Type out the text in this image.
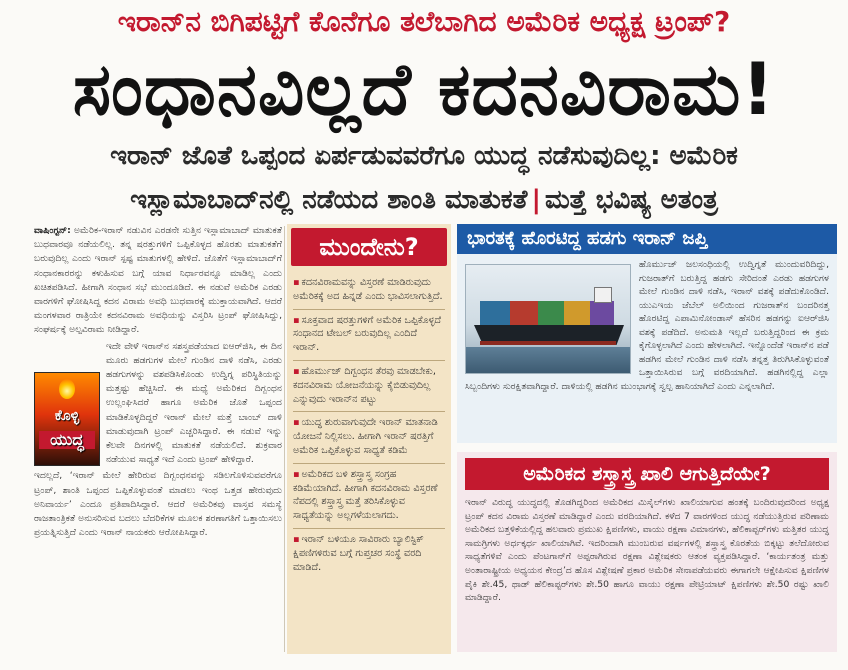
ಇರಾನ್‌ನ ಬಿಗಿಪಟ್ಟಿಗೆ ಕೊನೆಗೂ ತಲೆಬಾಗಿದ ಅಮೆರಿಕ ಅಧ್ಯಕ್ಷ ಟ್ರಂಪ್?
ಸಂಧಾನವಿಲ್ಲದೆ ಕದನವಿರಾಮ!
ಇರಾನ್ ಜೊತೆ ಒಪ್ಪಂದ ಏರ್ಪಡುವವರೆಗೂ ಯುದ್ಧ ನಡೆಸುವುದಿಲ್ಲ: ಅಮೆರಿಕ
ಇಸ್ಲಾಮಾಬಾದ್‌ನಲ್ಲಿ ನಡೆಯದ ಶಾಂತಿ ಮಾತುಕತೆ | ಮತ್ತೆ ಭವಿಷ್ಯ ಅತಂತ್ರ

ವಾಷಿಂಗ್ಟನ್: ಅಮೆರಿಕ-ಇರಾನ್ ನಡುವಿನ ಎರಡನೇ ಸುತ್ತಿನ ಇಸ್ಲಾಮಾಬಾದ್ ಮಾತುಕತೆ ಬುಧವಾರವೂ ನಡೆಯಲಿಲ್ಲ. ತನ್ನ ಷರತ್ತುಗಳಿಗೆ ಒಪ್ಪಿಕೊಳ್ಳದ ಹೊರತು ಮಾತುಕತೆಗೆ ಬರುವುದಿಲ್ಲ ಎಂದು ಇರಾನ್ ಸ್ಪಷ್ಟ ಮಾತುಗಳಲ್ಲಿ ಹೇಳಿದೆ. ಜೊತೆಗೆ ಇಸ್ಲಾಮಾಬಾದ್‌ಗೆ ಸಂಧಾನಕಾರರನ್ನು ಕಳುಹಿಸುವ ಬಗ್ಗೆ ಯಾವ ನಿರ್ಧಾರವನ್ನೂ ಮಾಡಿಲ್ಲ ಎಂದು ಖಚಿತಪಡಿಸಿದೆ. ಹೀಗಾಗಿ ಸಂಧಾನ ಸಭೆ ಮುಂದೂಡಿದೆ. ಈ ನಡುವೆ ಅಮೆರಿಕ ಎರಡು ವಾರಗಳಿಗೆ ಘೋಷಿಸಿದ್ದ ಕದನ ವಿರಾಮ ಅವಧಿ ಬುಧವಾರಕ್ಕೆ ಮುಕ್ತಾಯವಾಗಿದೆ. ಆದರೆ ಮಂಗಳವಾರ ರಾತ್ರಿಯೇ ಕದನವಿರಾಮ ಅವಧಿಯನ್ನು ವಿಸ್ತರಿಸಿ ಟ್ರಂಪ್ ಘೋಷಿಸಿದ್ದು, ಸಂಘರ್ಷಕ್ಕೆ ಅಲ್ಪವಿರಾಮ ನೀಡಿದ್ದಾರೆ.

ಕೊಳ್ಳಿ
ಯುದ್ಧ

ಇದೇ ವೇಳೆ ಇರಾನ್‌ನ ಸಶಸ್ತ್ರಪಡೆಯಾದ ಐಆರ್‌ಜಿಸಿ, ಈ ದಿನ ಮೂರು ಹಡಗುಗಳ ಮೇಲೆ ಗುಂಡಿನ ದಾಳಿ ನಡೆಸಿ, ಎರಡು ಹಡಗುಗಳನ್ನು ವಶಪಡಿಸಿಕೊಂಡು ಉದ್ವಿಗ್ನ ಪರಿಸ್ಥಿತಿಯನ್ನು ಮತ್ತಷ್ಟು ಹೆಚ್ಚಿಸಿದೆ. ಈ ಮಧ್ಯೆ ಅಮೆರಿಕದ ದಿಗ್ಬಂಧನ ಉಲ್ಲಂಘಿಸಿದರೆ ಹಾಗೂ ಅಮೆರಿಕ ಜೊತೆ ಒಪ್ಪಂದ ಮಾಡಿಕೊಳ್ಳದಿದ್ದರೆ ಇರಾನ್ ಮೇಲೆ ಮತ್ತೆ ಬಾಂಬ್ ದಾಳಿ ಮಾಡುವುದಾಗಿ ಟ್ರಂಪ್ ಎಚ್ಚರಿಸಿದ್ದಾರೆ. ಈ ನಡುವೆ ಇನ್ನು ಕೆಲವೇ ದಿನಗಳಲ್ಲಿ ಮಾತುಕತೆ ನಡೆಯಲಿದೆ. ಶುಕ್ರವಾರ ನಡೆಯುವ ಸಾಧ್ಯತೆ ಇದೆ ಎಂದು ಟ್ರಂಪ್ ಹೇಳಿದ್ದಾರೆ.

ಇದಲ್ಲದೆ, ‘ಇರಾನ್ ಮೇಲೆ ಹೇರಿರುವ ದಿಗ್ಬಂಧನವನ್ನು ಸಡಿಲಗೊಳಿಸುವವರೆಗೂ ಟ್ರಂಪ್, ಶಾಂತಿ ಒಪ್ಪಂದ ಒಪ್ಪಿಕೊಳ್ಳುವಂತೆ ಮಾಡಲು ಇಂಥ ಒತ್ತಡ ಹೇರುವುದು ಅನಿವಾರ್ಯ’ ಎಂದೂ ಪ್ರತಿಪಾದಿಸಿದ್ದಾರೆ. ಆದರೆ ಅಮೆರಿಕವು ವಾಸ್ತವ ಸಮಸ್ಯೆ ರಾಜತಾಂತ್ರಿಕತೆ ಅನುಸರಿಸುವ ಬದಲು ಬೆದರಿಕೆಗಳ ಮೂಲಕ ಶರಣಾಗತಿಗೆ ಒತ್ತಾಯಿಸಲು ಪ್ರಯತ್ನಿಸುತ್ತಿದೆ ಎಂದು ಇರಾನ್ ನಾಯಕರು ಆರೋಪಿಸಿದ್ದಾರೆ.

ಮುಂದೇನು?
▪ ಕದನವಿರಾಮವನ್ನು ವಿಸ್ತರಣೆ ಮಾಡಿರುವುದು ಅಮೆರಿಕಕ್ಕೆ ಅದ ಹಿನ್ನಡೆ ಎಂದು ಭಾವಿಸಲಾಗುತ್ತಿದೆ.
▪ ಸೂಕ್ತವಾದ ಷರತ್ತುಗಳಿಗೆ ಅಮೆರಿಕ ಒಪ್ಪಿಕೊಳ್ಳದೆ ಸಂಧಾನದ ಟೇಬಲ್ ಬರುವುದಿಲ್ಲ ಎಂದಿದೆ ಇರಾನ್.
▪ ಹೊರ್ಮುಜ್ ದಿಗ್ಬಂಧನ ತೆರವು ಮಾಡಬೇಕು, ಕದನವಿರಾಮ ಯೋಜನೆಯನ್ನು ಕೈಬಿಡುವುದಿಲ್ಲ ಎನ್ನುವುದು ಇರಾನ್‌ನ ಪಟ್ಟು
▪ ಯುದ್ಧ ಶುರುವಾಗುವುದೇ ಇರಾನ್ ಮಾತನಾಡಿ ಯೋಜನೆ ನಿಲ್ಲಿಸಲು. ಹೀಗಾಗಿ ಇರಾನ್ ಷರತ್ತಿಗೆ ಅಮೆರಿಕ ಒಪ್ಪಿಕೊಳ್ಳುವ ಸಾಧ್ಯತೆ ಕಡಿಮೆ
▪ ಅಮೆರಿಕದ ಬಳಿ ಶಸ್ತ್ರಾಸ್ತ್ರ ಸಂಗ್ರಹ ಕಡಿಮೆಯಾಗಿದೆ. ಹೀಗಾಗಿ ಕದನವಿರಾಮ ವಿಸ್ತರಣೆ ನೆಪದಲ್ಲಿ ಶಸ್ತ್ರಾಸ್ತ್ರ ಮತ್ತೆ ತರಿಸಿಕೊಳ್ಳುವ ಸಾಧ್ಯತೆಯನ್ನು ಅಲ್ಲಗಳೆಯಲಾಗದು.
▪ ಇರಾನ್ ಬಳಿಯೂ ಸಾವಿರಾರು ಬ್ಯಾಲಿಸ್ಟಿಕ್ ಕ್ಷಿಪಣಿಗಳಿರುವ ಬಗ್ಗೆ ಗುಪ್ತಚರ ಸಂಸ್ಥೆ ವರದಿ ಮಾಡಿದೆ.
ಭಾರತಕ್ಕೆ ಹೊರಟಿದ್ದ ಹಡಗು ಇರಾನ್ ಜಪ್ತಿ
ಹೊರ್ಮುಜ್ ಜಲಸಂಧಿಯಲ್ಲಿ ಉದ್ವಿಗ್ನತೆ ಮುಂದುವರಿದಿದ್ದು, ಗುಜರಾತ್‌ಗೆ ಬರುತ್ತಿದ್ದ ಹಡಗು ಸೇರಿದಂತೆ ಎರಡು ಹಡಗುಗಳ ಮೇಲೆ ಗುಂಡಿನ ದಾಳಿ ನಡೆಸಿ, ಇರಾನ್ ವಶಕ್ಕೆ ಪಡೆದುಕೊಂಡಿದೆ. ಯುಎಇಯ ಜೆಬೆಲ್ ಅಲಿಯಿಂದ ಗುಜರಾತ್‌ನ ಬಂದರಿನತ್ತ ಹೊರಟಿದ್ದ ಎಪಾಮಿನೋಂಡಾಸ್ ಹೆಸರಿನ ಹಡಗನ್ನು ಐಆರ್‌ಜಿಸಿ ವಶಕ್ಕೆ ಪಡೆದಿದೆ. ಅನುಮತಿ ಇಲ್ಲದೆ ಬರುತ್ತಿದ್ದರಿಂದ ಈ ಕ್ರಮ ಕೈಗೊಳ್ಳಲಾಗಿದೆ ಎಂದು ಹೇಳಲಾಗಿದೆ. ಇನ್ನೊಂದೆಡೆ ಇರಾನ್‌ನ ಪಡೆ ಹಡಗಿನ ಮೇಲೆ ಗುಂಡಿನ ದಾಳಿ ನಡೆಸಿ ತನ್ನತ್ತ ತಿರುಗಿಸಿಕೊಳ್ಳುವಂತೆ ಒತ್ತಾಯಿಸಿರುವ ಬಗ್ಗೆ ವರದಿಯಾಗಿದೆ. ಹಡಗಿನಲ್ಲಿದ್ದ ಎಲ್ಲಾ ಸಿಬ್ಬಂದಿಗಳು ಸುರಕ್ಷಿತವಾಗಿದ್ದಾರೆ. ದಾಳಿಯಲ್ಲಿ ಹಡಗಿನ ಮುಂಭಾಗಕ್ಕೆ ಸ್ವಲ್ಪ ಹಾನಿಯಾಗಿದೆ ಎಂದು ಎನ್ನಲಾಗಿದೆ.
ಅಮೆರಿಕದ ಶಸ್ತ್ರಾಸ್ತ್ರ ಖಾಲಿ ಆಗುತ್ತಿದೆಯೇ?
ಇರಾನ್ ವಿರುದ್ಧ ಯುದ್ಧದಲ್ಲಿ ತೊಡಗಿದ್ದರಿಂದ ಅಮೆರಿಕದ ಮಿಸೈಲ್‌ಗಳು ಖಾಲಿಯಾಗುವ ಹಂತಕ್ಕೆ ಬಂದಿರುವುದರಿಂದ ಅಧ್ಯಕ್ಷ ಟ್ರಂಪ್ ಕದನ ವಿರಾಮ ವಿಸ್ತರಣೆ ಮಾಡಿದ್ದಾರೆ ಎಂದು ವರದಿಯಾಗಿದೆ. ಕಳೆದ 7 ವಾರಗಳಿಂದ ಯುದ್ಧ ನಡೆಯುತ್ತಿರುವ ಪರಿಣಾಮ ಅಮೆರಿಕದ ಬತ್ತಳಿಕೆಯಲ್ಲಿದ್ದ ಹಲವಾರು ಪ್ರಮುಖ ಕ್ಷಿಪಣಿಗಳು, ವಾಯು ರಕ್ಷಣಾ ವಿಮಾನಗಳು, ಹೆಲಿಕಾಪ್ಟರ್‌ಗಳು ಮತ್ತಿತರ ಯುದ್ಧ ಸಾಮಗ್ರಿಗಳು ಅರ್ಧಕ್ಕರ್ಧ ಖಾಲಿಯಾಗಿವೆ. ಇದರಿಂದಾಗಿ ಮುಂಬರುವ ವರ್ಷಗಳಲ್ಲಿ ಶಸ್ತ್ರಾಸ್ತ್ರ ಕೊರತೆಯ ಬಿಕ್ಕಟ್ಟು ತಲೆದೋರುವ ಸಾಧ್ಯತೆಗಳಿವೆ ಎಂದು ಪೆಂಟಗಾನ್‌ಗೆ ಅಪ್ಪರಾಗಿರುವ ರಕ್ಷಣಾ ವಿಶ್ಲೇಷಕರು ಆತಂಕ ವ್ಯಕ್ತಪಡಿಸಿದ್ದಾರೆ. ‘ಕಾರ್ಯತಂತ್ರ ಮತ್ತು ಅಂತಾರಾಷ್ಟ್ರೀಯ ಅಧ್ಯಯನ ಕೇಂದ್ರ’ದ ಹೊಸ ವಿಶ್ಲೇಷಣೆ ಪ್ರಕಾರ ಅಮೆರಿಕ ಸೇನಾಪಡೆಯವರು ಈಗಾಗಲೇ ಆಕ್ಷೇಪಿಸುವ ಕ್ಷಿಪಣಿಗಳ ಪೈಕಿ ಶೇ.45, ಥಾಡ್ ಹೆಲಿಕಾಪ್ಟರ್‌ಗಳು ಶೇ.50 ಹಾಗೂ ವಾಯು ರಕ್ಷಣಾ ಪೇಟ್ರಿಯಾಟ್ ಕ್ಷಿಪಣಿಗಳು ಶೇ.50 ರಷ್ಟು ಖಾಲಿ ಮಾಡಿದ್ದಾರೆ.
